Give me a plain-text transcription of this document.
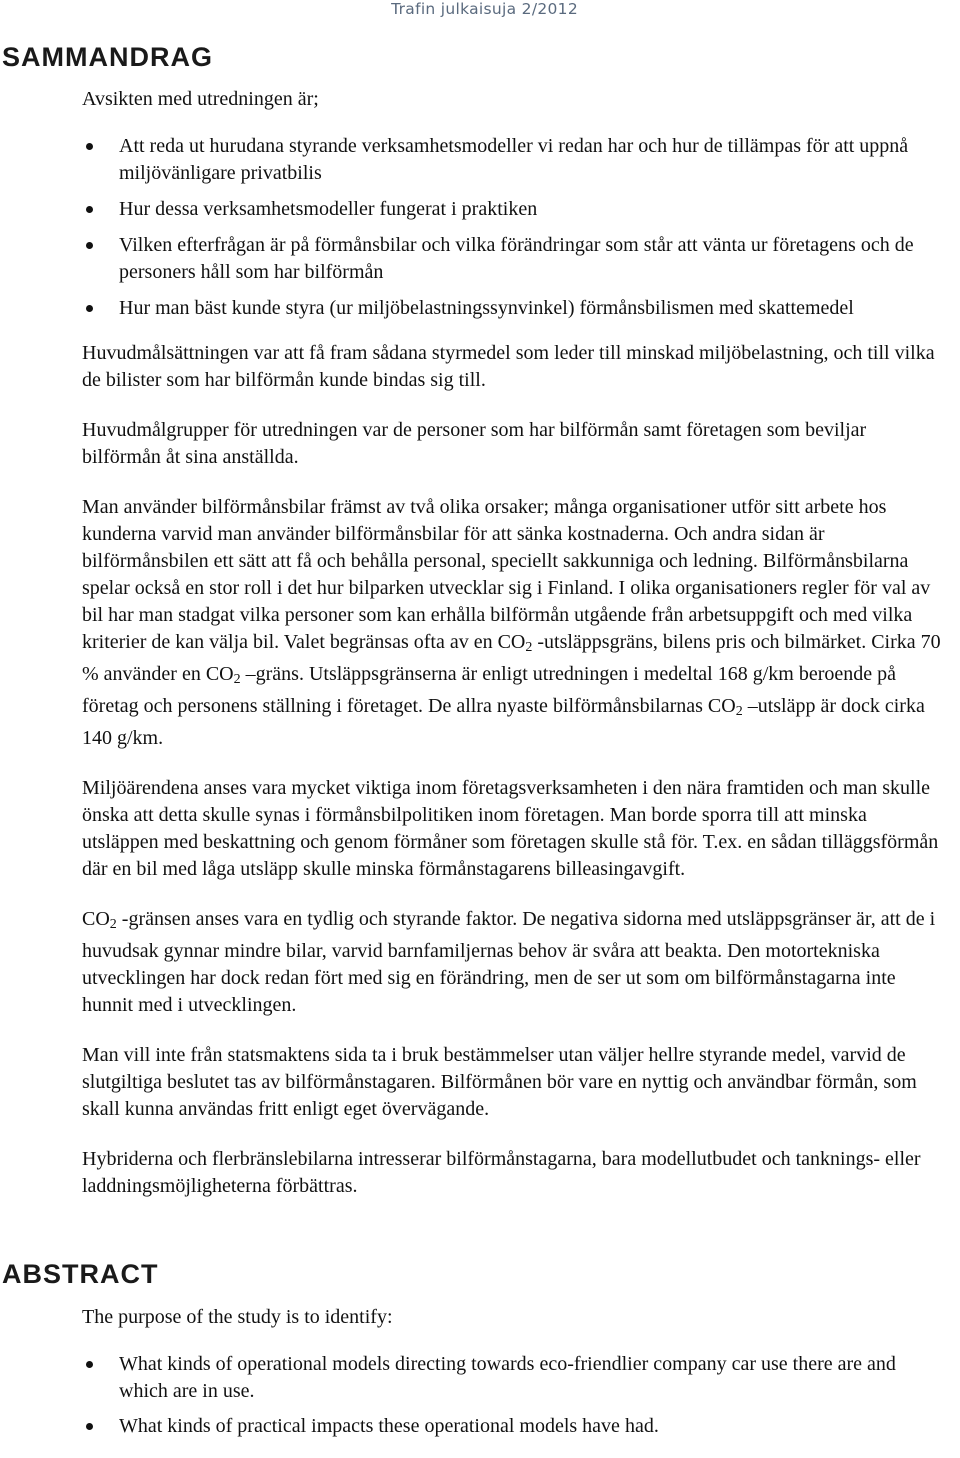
Trafin julkaisuja 2/2012
SAMMANDRAG

Avsikten med utredningen är;

Att reda ut hurudana styrande verksamhetsmodeller vi redan har och hur de tillämpas för att uppnå miljövänligare privatbilis
Hur dessa verksamhetsmodeller fungerat i praktiken
Vilken efterfrågan är på förmånsbilar och vilka förändringar som står att vänta ur företagens och de personers håll som har bilförmån
Hur man bäst kunde styra (ur miljöbelastningssynvinkel) förmånsbilismen med skattemedel

Huvudmålsättningen var att få fram sådana styrmedel som leder till minskad miljöbelastning, och till vilka de bilister som har bilförmån kunde bindas sig till.

Huvudmålgrupper för utredningen var de personer som har bilförmån samt företagen som beviljar bilförmån åt sina anställda.

Man använder bilförmånsbilar främst av två olika orsaker; många organisationer utför sitt arbete hos kunderna varvid man använder bilförmånsbilar för att sänka kostnaderna. Och andra sidan är bilförmånsbilen ett sätt att få och behålla personal, speciellt sakkunniga och ledning. Bilförmånsbilarna spelar också en stor roll i det hur bilparken utvecklar sig i Finland. I olika organisationers regler för val av bil har man stadgat vilka personer som kan erhålla bilförmån utgående från arbetsuppgift och med vilka kriterier de kan välja bil. Valet begränsas ofta av en $CO_2$ -utsläppsgräns, bilens pris och bilmärket. Cirka 70 % använder en $CO_2$ –gräns. Utsläppsgränserna är enligt utredningen i medeltal 168 g/km beroende på företag och personens ställning i företaget. De allra nyaste bilförmånsbilarnas $CO_2$ –utsläpp är dock cirka 140 g/km.

Miljöärendena anses vara mycket viktiga inom företagsverksamheten i den nära framtiden och man skulle önska att detta skulle synas i förmånsbilpolitiken inom företagen. Man borde sporra till att minska utsläppen med beskattning och genom förmåner som företagen skulle stå för. T.ex. en sådan tilläggsförmån där en bil med låga utsläpp skulle minska förmånstagarens billeasingavgift.

$CO_2$ -gränsen anses vara en tydlig och styrande faktor. De negativa sidorna med utsläppsgränser är, att de i huvudsak gynnar mindre bilar, varvid barnfamiljernas behov är svåra att beakta. Den motortekniska utvecklingen har dock redan fört med sig en förändring, men de ser ut som om bilförmånstagarna inte hunnit med i utvecklingen.

Man vill inte från statsmaktens sida ta i bruk bestämmelser utan väljer hellre styrande medel, varvid de slutgiltiga beslutet tas av bilförmånstagaren. Bilförmånen bör vare en nyttig och användbar förmån, som skall kunna användas fritt enligt eget övervägande.

Hybriderna och flerbränslebilarna intresserar bilförmånstagarna, bara modellutbudet och tanknings- eller laddningsmöjligheterna förbättras.

ABSTRACT

The purpose of the study is to identify:

What kinds of operational models directing towards eco-friendlier company car use there are and which are in use.
What kinds of practical impacts these operational models have had.
